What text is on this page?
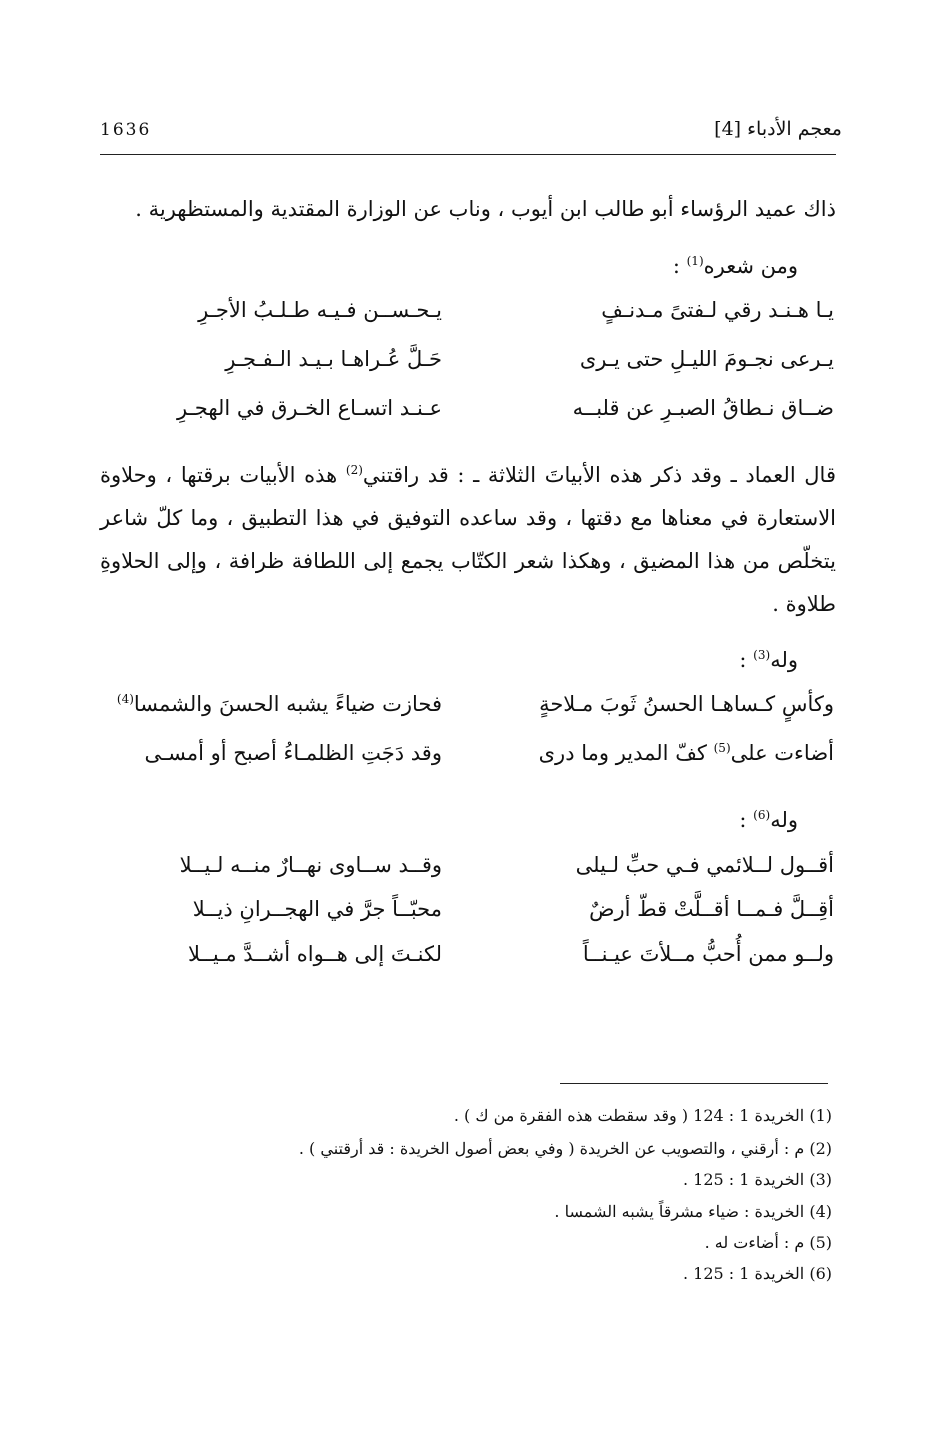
معجم الأدباء [4]
1636
ذاك عميد الرؤساء أبو طالب ابن أيوب ، وناب عن الوزارة المقتدية والمستظهرية .
ومن شعره$^{(1)}$ :
يـا هـنـد رقي لـفتىً مـدنـفٍ
يـحـســن فـيـه طـلـبُ الأجـرِ
يـرعى نجـومَ الليـلِ حتى يـرى
حَـلَّ عُـراهـا بـيـد الـفـجـرِ
ضــاق نـطاقُ الصبـرِ عن قلبــه
عـنـد اتسـاع الخـرق في الهجـرِ
قال العماد ـ وقد ذكر هذه الأبياتَ الثلاثة ـ : قد راقتني$^{(2)}$ هذه الأبيات برقتها ، وحلاوة الاستعارة في معناها مع دقتها ، وقد ساعده التوفيق في هذا التطبيق ، وما كلّ شاعر يتخلّص من هذا المضيق ، وهكذا شعر الكتّاب يجمع إلى اللطافة ظرافة ، وإلى الحلاوةِ طلاوة .
وله$^{(3)}$ :
وكأسٍ كـساهـا الحسنُ ثَوبَ مـلاحةٍ
فحازت ضياءً يشبه الحسنَ والشمسا$^{(4)}$
أضاءت على$^{(5)}$ كفّ المدير وما درى
وقد دَجَتِ الظلمـاءُ أصبح أو أمسـى
وله$^{(6)}$ :
أقــول لــلائمي فـي حبِّ لـيلى
وقــد ســاوى نهــارٌ منــه لـيــلا
أقِــلَّ فـمــا أقــلَّتْ قطّ أرضٌ
محبّــاً جرَّ في الهجــرانِ ذيــلا
ولــو ممن أُحبُّ مــلأتَ عيـنــاً
لكنـتَ إلى هــواه أشــدَّ مـيــلا
(1) الخريدة 1 : 124 ( وقد سقطت هذه الفقرة من ك ) .
(2) م : أرقني ، والتصويب عن الخريدة ( وفي بعض أصول الخريدة : قد أرقتني ) .
(3) الخريدة 1 : 125 .
(4) الخريدة : ضياء مشرقاً يشبه الشمسا .
(5) م : أضاءت له .
(6) الخريدة 1 : 125 .
